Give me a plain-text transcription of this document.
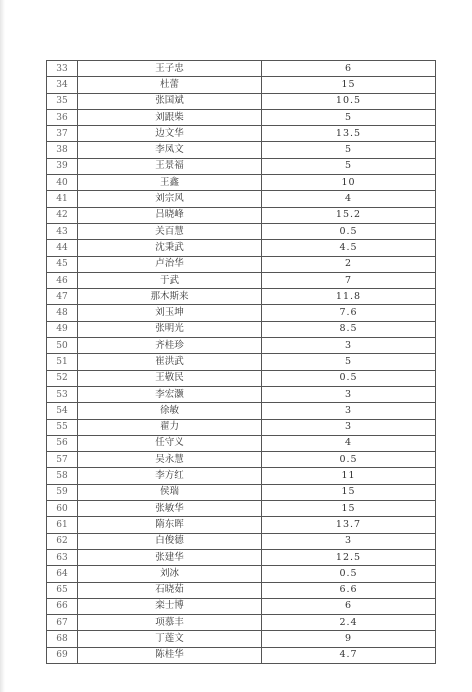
33	王子忠	6
34	杜蕾	15
35	张国斌	10.5
36	刘跟柴	5
37	边文华	13.5
38	李凤文	5
39	王景福	5
40	王鑫	10
41	刘宗风	4
42	吕晓峰	15.2
43	关百慧	0.5
44	沈秉武	4.5
45	卢治华	2
46	于武	7
47	那木斯来	11.8
48	刘玉坤	7.6
49	张明光	8.5
50	齐桂珍	3
51	崔洪武	5
52	王敬民	0.5
53	李宏灏	3
54	徐敏	3
55	翟力	3
56	任守义	4
57	吴永慧	0.5
58	李方红	11
59	侯瑞	15
60	张敏华	15
61	隋东晖	13.7
62	白俊德	3
63	张建华	12.5
64	刘冰	0.5
65	石晓茹	6.6
66	栾士博	6
67	项慕丰	2.4
68	丁莲文	9
69	陈桂华	4.7
